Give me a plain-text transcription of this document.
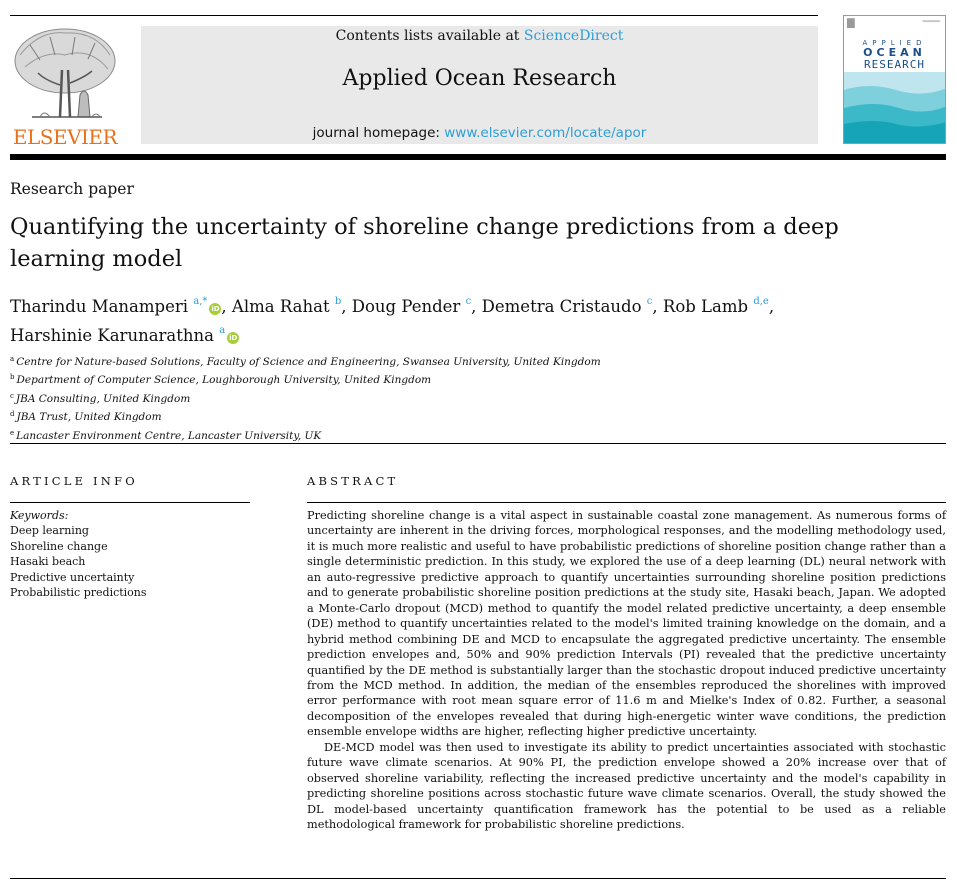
ELSEVIER
Contents lists available at ScienceDirect
Applied Ocean Research
journal homepage: www.elsevier.com/locate/apor
APPLIED
OCEAN
RESEARCH
Research paper
Quantifying the uncertainty of shoreline change predictions from a deep learning model
Tharindu Manamperi $^{a,*}$iD , Alma Rahat $^b$, Doug Pender $^c$, Demetra Cristaudo $^c$, Rob Lamb $^{d,e}$,
Harshinie Karunarathna $^a$iD
$^a$ Centre for Nature-based Solutions, Faculty of Science and Engineering, Swansea University, United Kingdom
$^b$ Department of Computer Science, Loughborough University, United Kingdom
$^c$ JBA Consulting, United Kingdom
$^d$ JBA Trust, United Kingdom
$^e$ Lancaster Environment Centre, Lancaster University, UK
ARTICLE INFO
Keywords:
Deep learning
Shoreline change
Hasaki beach
Predictive uncertainty
Probabilistic predictions
ABSTRACT

Predicting shoreline change is a vital aspect in sustainable coastal zone management. As numerous forms of uncertainty are inherent in the driving forces, morphological responses, and the modelling methodology used, it is much more realistic and useful to have probabilistic predictions of shoreline position change rather than a single deterministic prediction. In this study, we explored the use of a deep learning (DL) neural network with an auto-regressive predictive approach to quantify uncertainties surrounding shoreline position predictions and to generate probabilistic shoreline position predictions at the study site, Hasaki beach, Japan. We adopted a Monte-Carlo dropout (MCD) method to quantify the model related predictive uncertainty, a deep ensemble (DE) method to quantify uncertainties related to the model's limited training knowledge on the domain, and a hybrid method combining DE and MCD to encapsulate the aggregated predictive uncertainty. The ensemble prediction envelopes and, 50% and 90% prediction Intervals (PI) revealed that the predictive uncertainty quantified by the DE method is substantially larger than the stochastic dropout induced predictive uncertainty from the MCD method. In addition, the median of the ensembles reproduced the shorelines with improved error performance with root mean square error of 11.6 m and Mielke's Index of 0.82. Further, a seasonal decomposition of the envelopes revealed that during high-energetic winter wave conditions, the prediction ensemble envelope widths are higher, reflecting higher predictive uncertainty.

DE-MCD model was then used to investigate its ability to predict uncertainties associated with stochastic future wave climate scenarios. At 90% PI, the prediction envelope showed a 20% increase over that of observed shoreline variability, reflecting the increased predictive uncertainty and the model's capability in predicting shoreline positions across stochastic future wave climate scenarios. Overall, the study showed the DL model-based uncertainty quantification framework has the potential to be used as a reliable methodological framework for probabilistic shoreline predictions.
